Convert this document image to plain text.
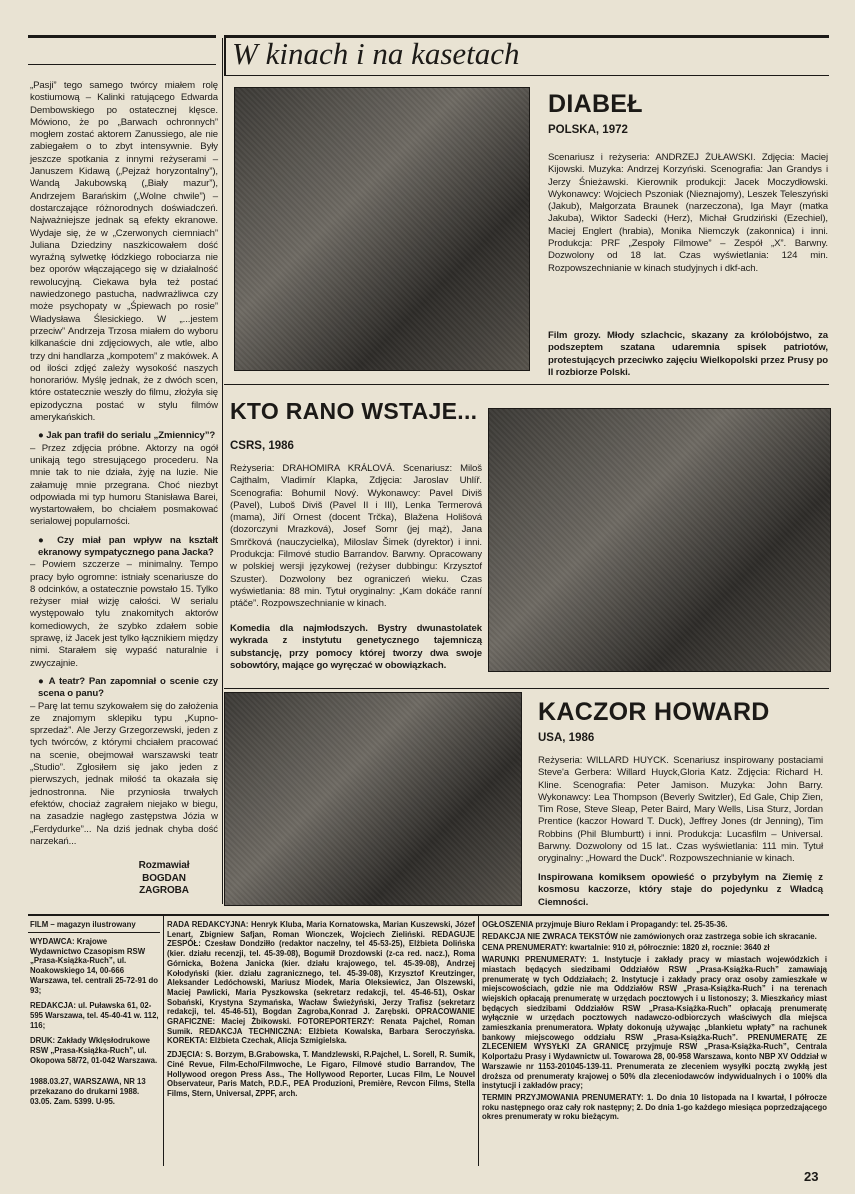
W kinach i na kasetach

„Pasji” tego samego twórcy miałem rolę kostiumową – Kalinki ratującego Edwarda Dembowskiego po ostatecznej klęsce. Mówiono, że po „Barwach ochronnych” mogłem zostać aktorem Zanussiego, ale nie zabiegałem o to zbyt intensywnie. Były jeszcze spotkania z innymi reżyserami – Januszem Kidawą („Pejzaż horyzontalny”), Wandą Jakubowską („Biały mazur”), Andrzejem Barańskim („Wolne chwile”) – dostarczające różnorodnych doświadczeń. Najważniejsze jednak są efekty ekranowe. Wydaje się, że w „Czerwonych ciemniach” Juliana Dziedziny naszkicowałem dość wyraźną sylwetkę łódzkiego robociarza nie bez oporów włączającego się w działalność rewolucyjną. Ciekawa była też postać nawiedzonego pastucha, nadwrażliwca czy może psychopaty w „Śpiewach po rosie” Władysława Ślesickiego. W „...jestem przeciw” Andrzeja Trzosa miałem do wyboru kilkanaście dni zdjęciowych, ale wtle, albo trzy dni handlarza „kompotem” z makówek. A od ilości zdjęć zależy wysokość naszych honorariów. Myślę jednak, że z dwóch scen, które ostatecznie weszły do filmu, złożyła się epizodyczna postać w stylu filmów amerykańskich.

● Jak pan trafił do serialu „Zmiennicy”?

– Przez zdjęcia próbne. Aktorzy na ogół unikają tego stresującego procederu. Na mnie tak to nie działa, żyję na luzie. Nie załamuję mnie przegrana. Choć niezbyt odpowiada mi typ humoru Stanisława Barei, wystartowałem, bo chciałem posmakować serialowej popularności.

● Czy miał pan wpływ na kształt ekranowy sympatycznego pana Jacka?

– Powiem szczerze – minimalny. Tempo pracy było ogromne: istniały scenariusze do 8 odcinków, a ostatecznie powstało 15. Tylko reżyser miał wizję całości. W serialu występowało tylu znakomitych aktorów komediowych, że szybko zdałem sobie sprawę, iż Jacek jest tylko łącznikiem między nimi. Starałem się wypaść naturalnie i zwyczajnie.

● A teatr? Pan zapomniał o scenie czy scena o panu?

– Parę lat temu szykowałem się do założenia ze znajomym sklepiku typu „Kupno-sprzedaż”. Ale Jerzy Grzegorzewski, jeden z tych twórców, z którymi chciałem pracować na scenie, obejmował warszawski teatr „Studio”. Zgłosiłem się jako jeden z pierwszych, jednak miłość ta okazała się jednostronna. Nie przyniosła trwałych efektów, chociaż zagrałem niejako w biegu, na zasadzie nagłego zastępstwa Józia w „Ferdydurke”... Na dziś jednak chyba dość narzekań...

Rozmawiał
BOGDAN
ZAGROBA
DIABEŁ
POLSKA, 1972
Scenariusz i reżyseria: ANDRZEJ ŻUŁAWSKI. Zdjęcia: Maciej Kijowski. Muzyka: Andrzej Korzyński. Scenografia: Jan Grandys i Jerzy Śnieżawski. Kierownik produkcji: Jacek Moczydłowski. Wykonawcy: Wojciech Pszoniak (Nieznajomy), Leszek Teleszyński (Jakub), Małgorzata Braunek (narzeczona), Iga Mayr (matka Jakuba), Wiktor Sadecki (Herz), Michał Grudziński (Ezechiel), Maciej Englert (hrabia), Monika Niemczyk (zakonnica) i inni. Produkcja: PRF „Zespoły Filmowe” – Zespół „X”. Barwny. Dozwolony od 18 lat. Czas wyświetlania: 124 min. Rozpowszechnianie w kinach studyjnych i dkf-ach.
Film grozy. Młody szlachcic, skazany za królobójstwo, za podszeptem szatana udaremnia spisek patriotów, protestujących przeciwko zajęciu Wielkopolski przez Prusy po II rozbiorze Polski.
KTO RANO WSTAJE...
CSRS, 1986
Reżyseria: DRAHOMIRA KRÁLOVÁ. Scenariusz: Miloš Cajthalm, Vladimír Klapka, Zdjęcia: Jaroslav Uhlíř. Scenografia: Bohumil Nový. Wykonawcy: Pavel Diviš (Pavel), Luboš Diviš (Pavel II i III), Lenka Termerová (mama), Jiří Ornest (docent Trčka), Blažena Holišová (dozorczyni Mrazková), Josef Somr (jej mąż), Jana Smrčková (nauczycielka), Miloslav Šimek (dyrektor) i inni. Produkcja: Filmové studio Barrandov. Barwny. Opracowany w polskiej wersji językowej (reżyser dubbingu: Krzysztof Szuster). Dozwolony bez ograniczeń wieku. Czas wyświetlania: 88 min. Tytuł oryginalny: „Kam dokáče ranní ptáče”. Rozpowszechnianie w kinach.
Komedia dla najmłodszych. Bystry dwunastolatek wykrada z instytutu genetycznego tajemniczą substancję, przy pomocy której tworzy dwa swoje sobowtóry, mające go wyręczać w obowiązkach.
KACZOR HOWARD
USA, 1986
Reżyseria: WILLARD HUYCK. Scenariusz inspirowany postaciami Steve'a Gerbera: Willard Huyck,Gloria Katz. Zdjęcia: Richard H. Kline. Scenografia: Peter Jamison. Muzyka: John Barry. Wykonawcy: Lea Thompson (Beverly Switzler), Ed Gale, Chip Zien, Tim Rose, Steve Sleap, Peter Baird, Mary Wells, Lisa Sturz, Jordan Prentice (kaczor Howard T. Duck), Jeffrey Jones (dr Jenning), Tim Robbins (Phil Blumburtt) i inni. Produkcja: Lucasfilm – Universal. Barwny. Dozwolony od 15 lat.. Czas wyświetlania: 111 min. Tytuł oryginalny: „Howard the Duck”. Rozpowszechnianie w kinach.
Inspirowana komiksem opowieść o przybyłym na Ziemię z kosmosu kaczorze, który staje do pojedynku z Władcą Ciemności.
FILM – magazyn ilustrowany

WYDAWCA: Krajowe Wydawnictwo Czasopism RSW „Prasa-Książka-Ruch”, ul. Noakowskiego 14, 00-666 Warszawa, tel. centrali 25-72-91 do 93;

REDAKCJA: ul. Puławska 61, 02-595 Warszawa, tel. 45-40-41 w. 112, 116;

DRUK: Zakłady Wklęsłodrukowe RSW „Prasa-Książka-Ruch”, ul. Okopowa 58/72, 01-042 Warszawa.

1988.03.27, WARSZAWA, NR 13 przekazano do drukarni 1988. 03.05. Zam. 5399. U-95.

RADA REDAKCYJNA: Henryk Kluba, Maria Kornatowska, Marian Kuszewski, Józef Lenart, Zbigniew Safjan, Roman Wionczek, Wojciech Zieliński. REDAGUJE ZESPÓŁ: Czesław Dondziłło (redaktor naczelny, tel 45-53-25), Elżbieta Dolińska (kier. działu recenzji, tel. 45-39-08), Bogumił Drozdowski (z-ca red. nacz.), Roma Górnicka, Bożena Janicka (kier. działu krajowego, tel. 45-39-08), Andrzej Kołodyński (kier. działu zagranicznego, tel. 45-39-08), Krzysztof Kreutzinger, Aleksander Ledóchowski, Mariusz Miodek, Maria Oleksiewicz, Jan Olszewski, Maciej Pawlicki, Maria Pyszkowska (sekretarz redakcji, tel. 45-46-51), Oskar Sobański, Krystyna Szymańska, Wacław Świeżyński, Jerzy Trafisz (sekretarz redakcji, tel. 45-46-51), Bogdan Zagroba,Konrad J. Zarębski. OPRACOWANIE GRAFICZNE: Maciej Żbikowski. FOTOREPORTERZY: Renata Pajchel, Roman Sumik. REDAKCJA TECHNICZNA: Elżbieta Kowalska, Barbara Seroczyńska. KOREKTA: Elżbieta Czechak, Alicja Szmigielska.

ZDJĘCIA: S. Borzym, B.Grabowska, T. Mandzlewski, R.Pajchel, L. Sorell, R. Sumik, Ciné Revue, Film-Echo/Filmwoche, Le Figaro, Filmové studio Barrandov, The Hollywood oregon Press Ass., The Hollywood Reporter, Lucas Film, Le Nouvel Observateur, Paris Match, P.D.F., PEA Produzioni, Première, Revcon Films, Stella Films, Stern, Universal, ZPPF, arch.

OGŁOSZENIA przyjmuje Biuro Reklam i Propagandy: tel. 25-35-36.

REDAKCJA NIE ZWRACA TEKSTÓW nie zamówionych oraz zastrzega sobie ich skracanie.

CENA PRENUMERATY: kwartalnie: 910 zł, półrocznie: 1820 zł, rocznie: 3640 zł

WARUNKI PRENUMERATY: 1. Instytucje i zakłady pracy w miastach wojewódzkich i miastach będących siedzibami Oddziałów RSW „Prasa-Książka-Ruch” zamawiają prenumeratę w tych Oddziałach; 2. Instytucje i zakłady pracy oraz osoby zamieszkałe w miejscowościach, gdzie nie ma Oddziałów RSW „Prasa-Książka-Ruch” i na terenach wiejskich opłacają prenumeratę w urzędach pocztowych i u listonoszy; 3. Mieszkańcy miast będących siedzibami Oddziałów RSW „Prasa-Książka-Ruch” opłacają prenumeratę wyłącznie w urzędach pocztowych nadawczo-odbiorczych właściwych dla miejsca zamieszkania prenumeratora. Wpłaty dokonują używając „blankietu wpłaty” na rachunek bankowy miejscowego oddziału RSW „Prasa-Książka-Ruch”. PRENUMERATĘ ZE ZLECENIEM WYSYŁKI ZA GRANICĘ przyjmuje RSW „Prasa-Książka-Ruch”, Centrala Kolportażu Prasy i Wydawnictw ul. Towarowa 28, 00-958 Warszawa, konto NBP XV Oddział w Warszawie nr 1153-201045-139-11. Prenumerata ze zleceniem wysyłki pocztą zwykłą jest droższa od prenumeraty krajowej o 50% dla zleceniodawców indywidualnych i o 100% dla instytucji i zakładów pracy;

TERMIN PRZYJMOWANIA PRENUMERATY: 1. Do dnia 10 listopada na I kwartał, I półrocze roku następnego oraz cały rok następny; 2. Do dnia 1-go każdego miesiąca poprzedzającego okres prenumeraty w roku bieżącym.

23
